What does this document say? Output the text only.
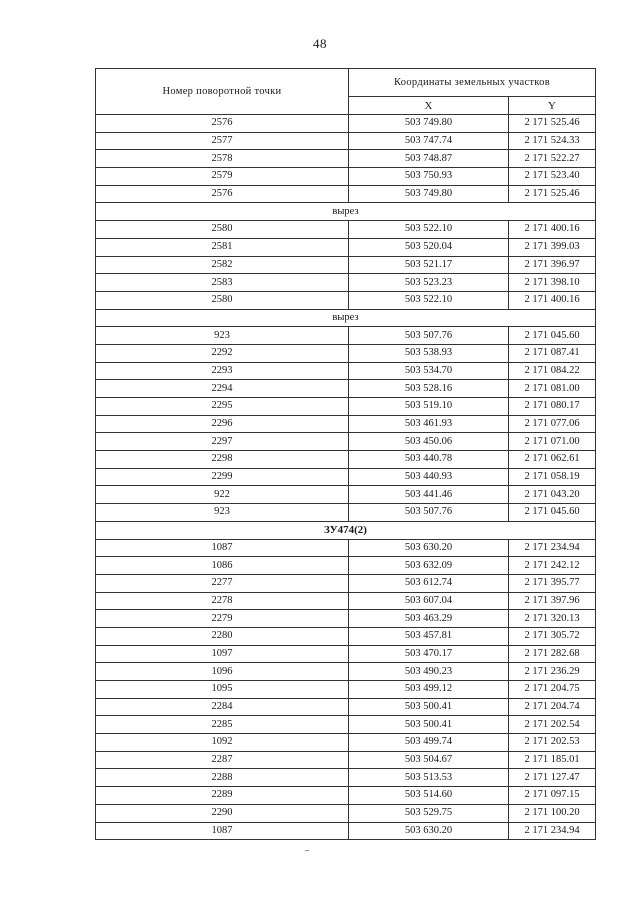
48
Номер поворотной точки	Координаты земельных участков	
	X	Y
2576	503 749.80	2 171 525.46
2577	503 747.74	2 171 524.33
2578	503 748.87	2 171 522.27
2579	503 750.93	2 171 523.40
2576	503 749.80	2 171 525.46
вырез		
2580	503 522.10	2 171 400.16
2581	503 520.04	2 171 399.03
2582	503 521.17	2 171 396.97
2583	503 523.23	2 171 398.10
2580	503 522.10	2 171 400.16
вырез		
923	503 507.76	2 171 045.60
2292	503 538.93	2 171 087.41
2293	503 534.70	2 171 084.22
2294	503 528.16	2 171 081.00
2295	503 519.10	2 171 080.17
2296	503 461.93	2 171 077.06
2297	503 450.06	2 171 071.00
2298	503 440.78	2 171 062.61
2299	503 440.93	2 171 058.19
922	503 441.46	2 171 043.20
923	503 507.76	2 171 045.60
ЗУ474(2)		
1087	503 630.20	2 171 234.94
1086	503 632.09	2 171 242.12
2277	503 612.74	2 171 395.77
2278	503 607.04	2 171 397.96
2279	503 463.29	2 171 320.13
2280	503 457.81	2 171 305.72
1097	503 470.17	2 171 282.68
1096	503 490.23	2 171 236.29
1095	503 499.12	2 171 204.75
2284	503 500.41	2 171 204.74
2285	503 500.41	2 171 202.54
1092	503 499.74	2 171 202.53
2287	503 504.67	2 171 185.01
2288	503 513.53	2 171 127.47
2289	503 514.60	2 171 097.15
2290	503 529.75	2 171 100.20
1087	503 630.20	2 171 234.94
